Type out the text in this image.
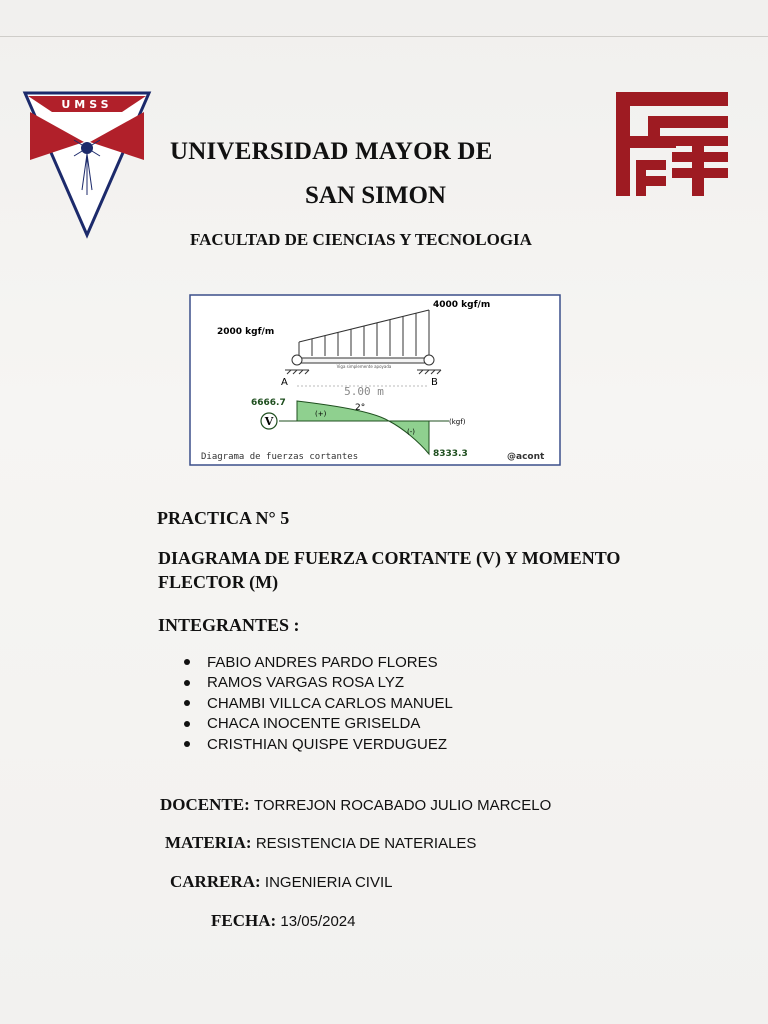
UMSS
UNIVERSIDAD MAYOR DE
SAN SIMON
FACULTAD DE CIENCIAS Y TECNOLOGIA
4000 kgf/m
2000 kgf/m
Viga simplemente apoyada
A	B
5.00 m
6666.7
8333.3
2°
(+)
(-)
V	(kgf)
Diagrama de fuerzas cortantes	@acont
PRACTICA N° 5
DIAGRAMA DE FUERZA CORTANTE (V) Y MOMENTO FLECTOR (M)
INTEGRANTES :
FABIO ANDRES PARDO FLORES
RAMOS VARGAS ROSA LYZ
CHAMBI VILLCA CARLOS MANUEL
CHACA INOCENTE GRISELDA
CRISTHIAN QUISPE VERDUGUEZ
DOCENTE: TORREJON ROCABADO JULIO MARCELO
MATERIA: RESISTENCIA DE NATERIALES
CARRERA: INGENIERIA CIVIL
FECHA: 13/05/2024
